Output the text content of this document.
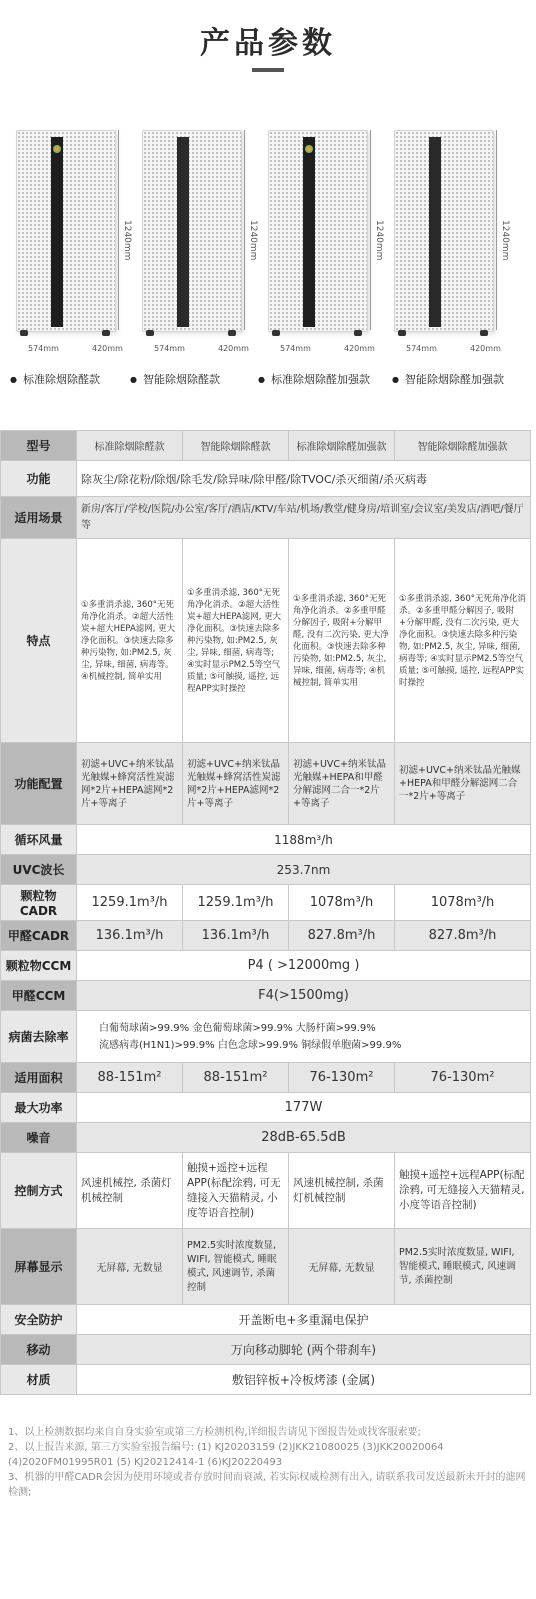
产品参数
1240mm
574mm	420mm
1240mm
574mm	420mm
1240mm
574mm	420mm
1240mm
574mm	420mm
● 标准除烟除醛款	● 智能除烟除醛款	● 标准除烟除醛加强款	● 智能除烟除醛加强款
型号	标准除烟除醛款	智能除烟除醛款	标准除烟除醛加强款	智能除烟除醛加强款
功能	除灰尘/除花粉/除烟/除毛发/除异味/除甲醛/除TVOC/杀灭细菌/杀灭病毒			
适用场景	新房/客厅/学校/医院/办公室/客厅/酒店/KTV/车站/机场/教堂/健身房/培训室/会议室/美发店/酒吧/餐厅等			
特点	①多重消杀滤, 360°无死角净化消杀。②超大活性炭+超大HEPA滤网, 更大净化面积。③快速去除多种污染物, 如:PM2.5, 灰尘, 异味, 细菌, 病毒等。④机械控制, 简单实用	①多重消杀滤, 360°无死角净化消杀。②超大活性炭+超大HEPA滤网, 更大净化面积。③快速去除多种污染物, 如:PM2.5, 灰尘, 异味, 细菌, 病毒等; ④实时显示PM2.5等空气质量; ⑤可触摸, 遥控, 远程APP实时操控	①多重消杀滤, 360°无死角净化消杀。②多重甲醛分解因子, 吸附+分解甲醛, 没有二次污染, 更大净化面积。③快速去除多种污染物, 如:PM2.5, 灰尘, 异味, 细菌, 病毒等; ④机械控制, 简单实用	①多重消杀滤, 360°无死角净化消杀。②多重甲醛分解因子, 吸附+分解甲醛, 没有二次污染, 更大净化面积。③快速去除多种污染物, 如:PM2.5, 灰尘, 异味, 细菌, 病毒等; ④实时显示PM2.5等空气质量; ⑤可触摸, 遥控, 远程APP实时操控
功能配置	初滤+UVC+纳米钛晶光触媒+蜂窝活性炭滤网*2片+HEPA滤网*2片+等离子	初滤+UVC+纳米钛晶光触媒+蜂窝活性炭滤网*2片+HEPA滤网*2片+等离子	初滤+UVC+纳米钛晶光触媒+HEPA和甲醛分解滤网二合一*2片+等离子	初滤+UVC+纳米钛晶光触媒+HEPA和甲醛分解滤网二合一*2片+等离子
循环风量	1188m³/h			
UVC波长	253.7nm			
颗粒物CADR	1259.1m³/h	1259.1m³/h	1078m³/h	1078m³/h
甲醛CADR	136.1m³/h	136.1m³/h	827.8m³/h	827.8m³/h
颗粒物CCM	P4 ( >12000mg )			
甲醛CCM	F4(>1500mg)			
病菌去除率	白葡萄球菌>99.9% 金色葡萄球菌>99.9% 大肠杆菌>99.9%
流感病毒(H1N1)>99.9% 白色念球>99.9% 铜绿假单胞菌>99.9%			

适用面积	88-151m²	88-151m²	76-130m²	76-130m²
最大功率	177W			
噪音	28dB-65.5dB			
控制方式	风速机械控, 杀菌灯机械控制	触摸+遥控+远程APP(标配涂鸦, 可无缝接入天猫精灵, 小度等语音控制)	风速机械控制, 杀菌灯机械控制	触摸+遥控+远程APP(标配涂鸦, 可无缝接入天猫精灵, 小度等语音控制)
屏幕显示	无屏幕, 无数显	PM2.5实时浓度数显, WIFI, 智能模式, 睡眠模式, 风速调节, 杀菌控制	无屏幕, 无数显	PM2.5实时浓度数显, WIFI, 智能模式, 睡眠模式, 风速调节, 杀菌控制
安全防护	开盖断电+多重漏电保护			
移动	万向移动脚轮 (两个带刹车)			
材质	敷铝锌板+冷板烤漆 (金属)			

1、以上检测数据均来自自身实验室或第三方检测机构,详细报告请见下图报告处或找客服索要;

2、以上报告来源, 第三方实验室报告编号: (1) KJ20203159 (2)JKK21080025 (3)JKK20020064 (4)2020FM01995R01 (5) KJ20212414-1 (6)KJ20220493

3、机器的甲醛CADR会因为使用环境或者存放时间而衰减, 若实际权威检测有出入, 请联系我司发送最新未开封的滤网检测;
